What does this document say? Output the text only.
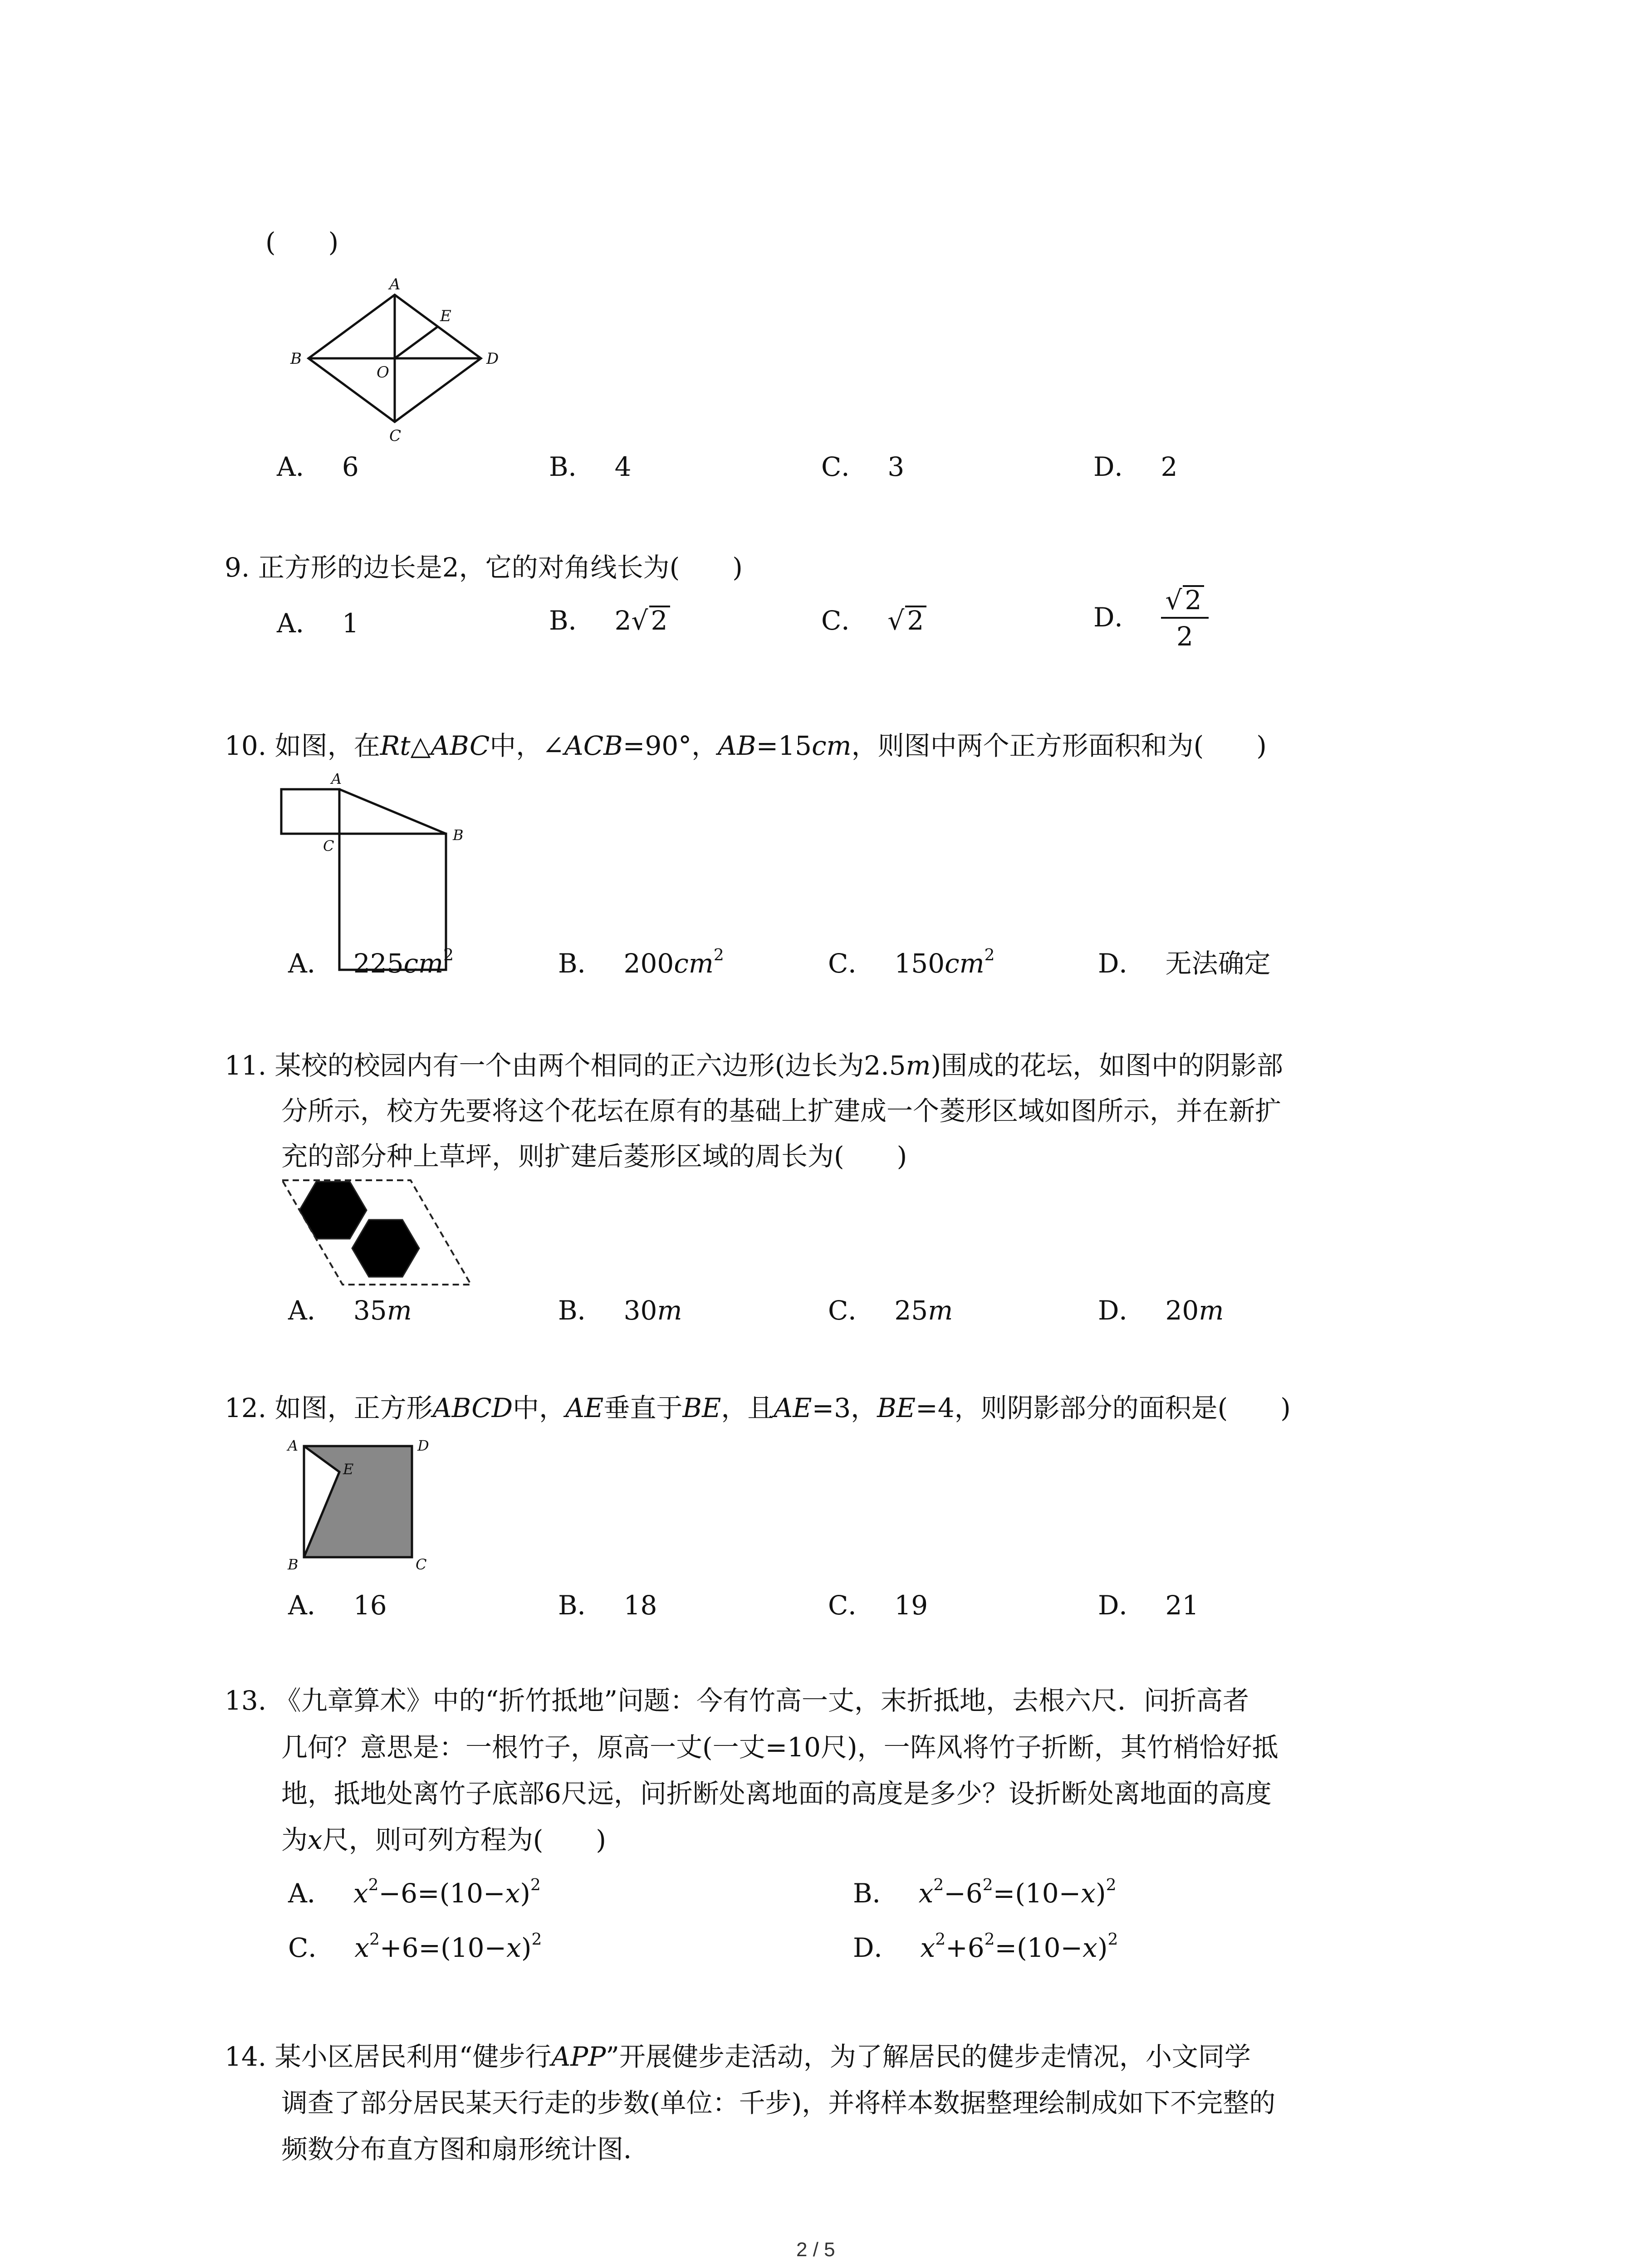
(　　)
A
B	D
C
E
O
A． 6	B． 4	C． 3	D． 2
9. 正方形的边长是2，它的对角线长为(　　)
A． 1	B． 2√ 2	C． √ 2	D． $\frac{√ 2}{2}$
10. 如图，在Rt△ABC中，∠ACB=90°，AB=15cm，则图中两个正方形面积和为(　　)
A
B
C
A． $225cm^2$	B． $200cm^2$	C． $150cm^2$	D． 无法确定
11. 某校的校园内有一个由两个相同的正六边形(边长为2.5m)围成的花坛，如图中的阴影部
分所示，校方先要将这个花坛在原有的基础上扩建成一个菱形区域如图所示，并在新扩
充的部分种上草坪，则扩建后菱形区域的周长为(　　)
A． 35m	B． 30m	C． 25m	D． 20m
12. 如图，正方形ABCD中，AE垂直于BE，且AE=3，BE=4，则阴影部分的面积是(　　)
A	D
E
B	C
A． 16	B． 18	C． 19	D． 21
13. 《九章算术》中的“折竹抵地”问题：今有竹高一丈，末折抵地，去根六尺．问折高者
几何？意思是：一根竹子，原高一丈(一丈=10尺)，一阵风将竹子折断，其竹梢恰好抵
地，抵地处离竹子底部6尺远，问折断处离地面的高度是多少？设折断处离地面的高度
为x尺，则可列方程为(　　)
A． $x^2-6=(10-x)^2$	B． $x^2-6^2=(10-x)^2$
C． $x^2+6=(10-x)^2$	D． $x^2+6^2=(10-x)^2$
14. 某小区居民利用“健步行APP”开展健步走活动，为了解居民的健步走情况，小文同学
调查了部分居民某天行走的步数(单位：千步)，并将样本数据整理绘制成如下不完整的
频数分布直方图和扇形统计图．
2 / 5
